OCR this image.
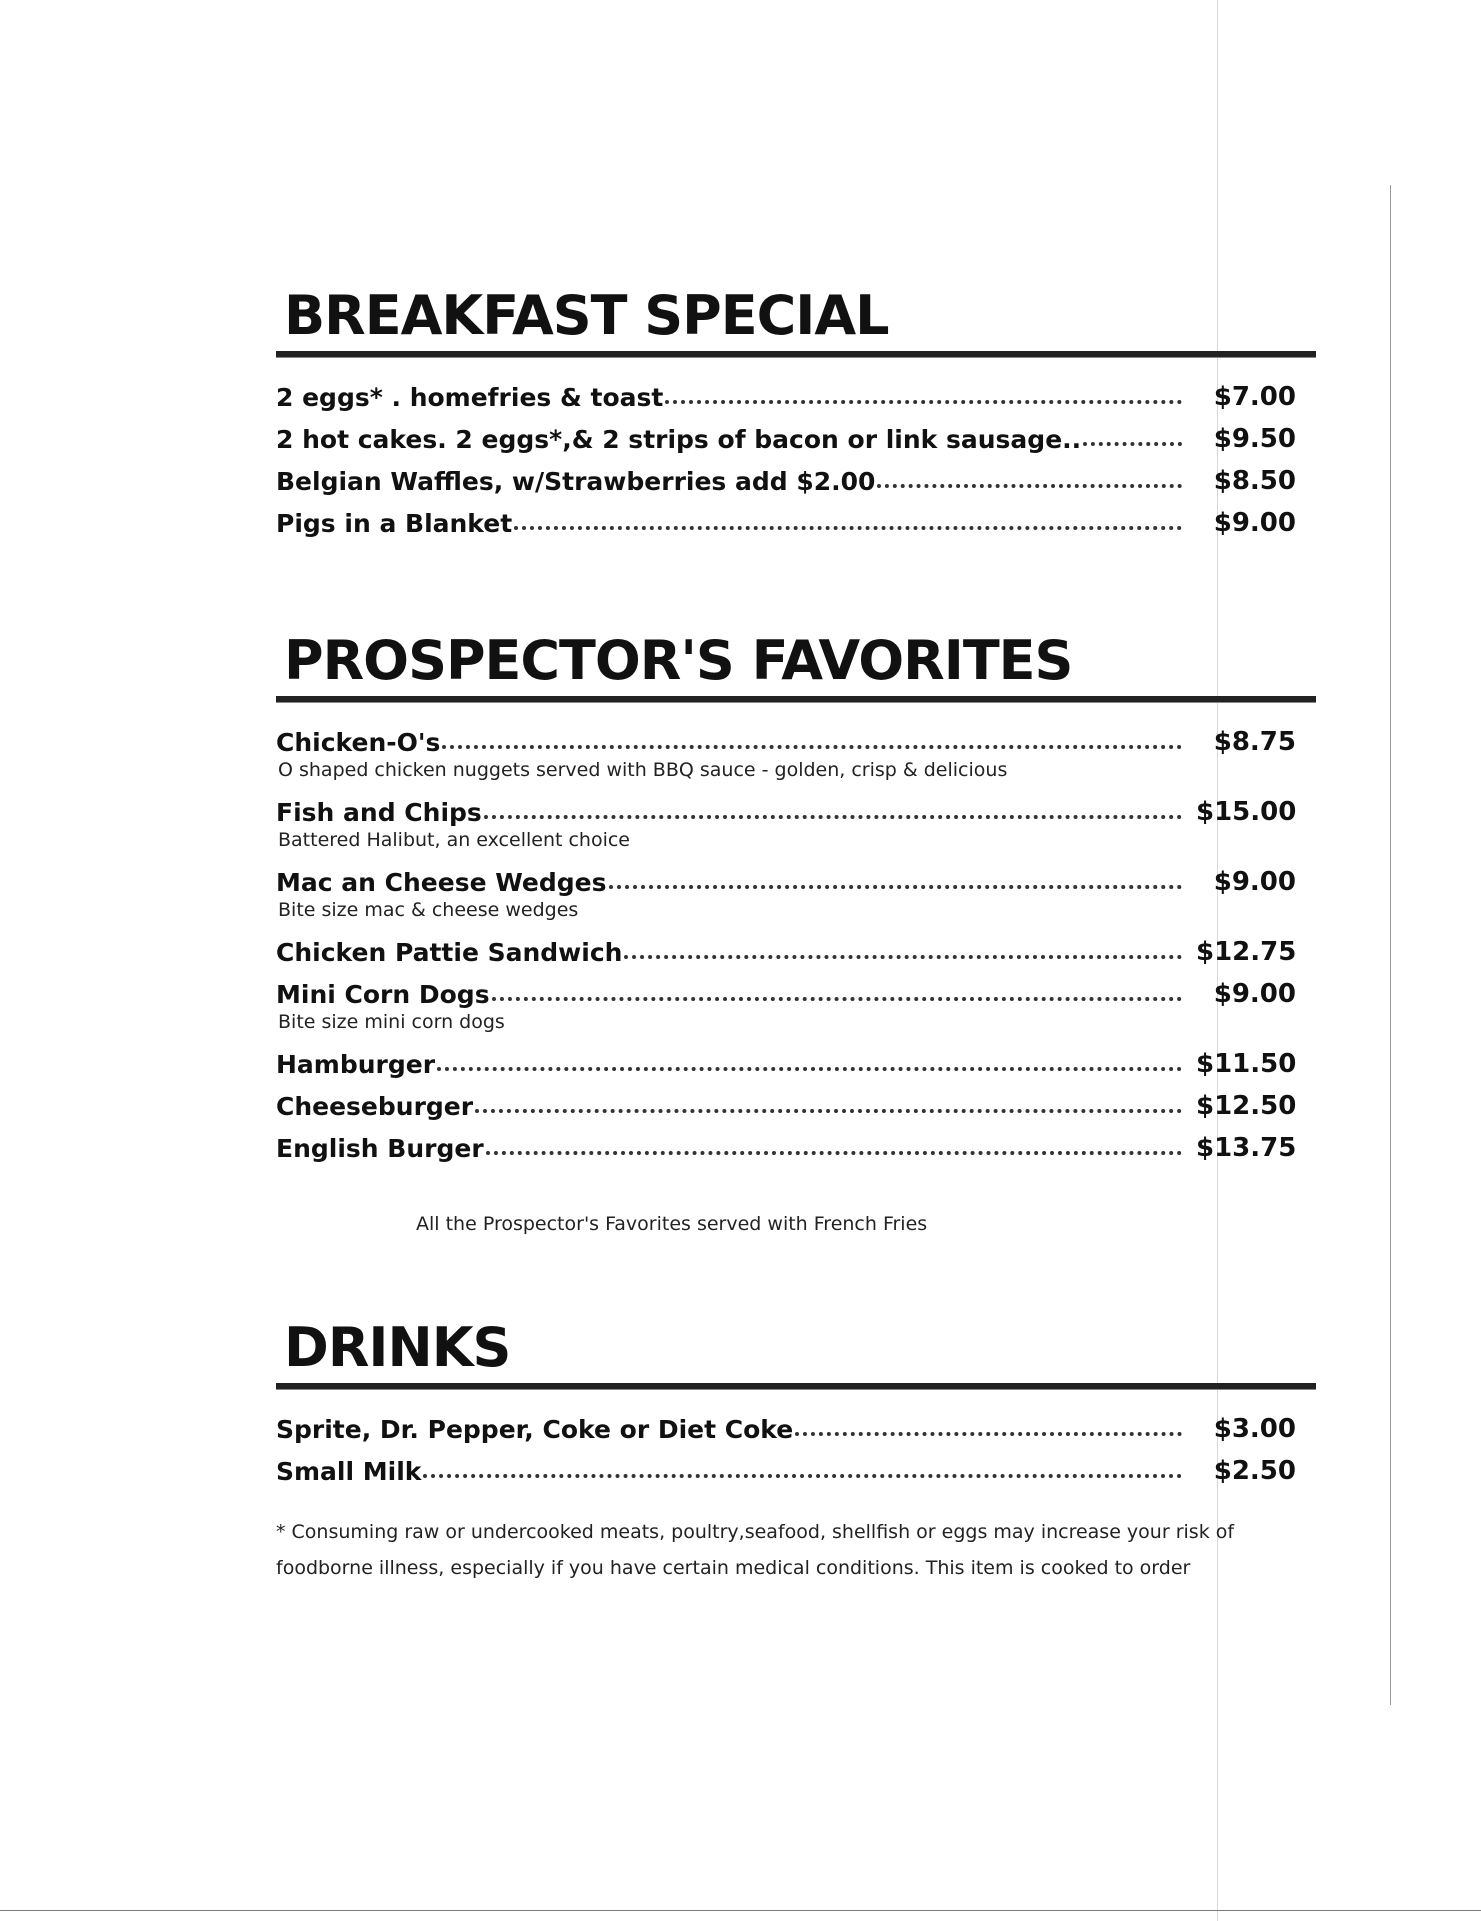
BREAKFAST SPECIAL
2 eggs* . homefries & toast	$7.00
2 hot cakes. 2 eggs*,& 2 strips of bacon or link sausage..	$9.50
Belgian Waffles, w/Strawberries add $2.00	$8.50
Pigs in a Blanket	$9.00
PROSPECTOR'S FAVORITES
Chicken-O's	$8.75
O shaped chicken nuggets served with BBQ sauce - golden, crisp & delicious
Fish and Chips	$15.00
Battered Halibut, an excellent choice
Mac an Cheese Wedges	$9.00
Bite size mac & cheese wedges
Chicken Pattie Sandwich	$12.75
Mini Corn Dogs	$9.00
Bite size mini corn dogs
Hamburger	$11.50
Cheeseburger	$12.50
English Burger	$13.75
All the Prospector's Favorites served with French Fries
DRINKS
Sprite, Dr. Pepper, Coke or Diet Coke	$3.00
Small Milk	$2.50
* Consuming raw or undercooked meats, poultry,seafood, shellfish or eggs may increase your risk of foodborne illness, especially if you have certain medical conditions. This item is cooked to order
